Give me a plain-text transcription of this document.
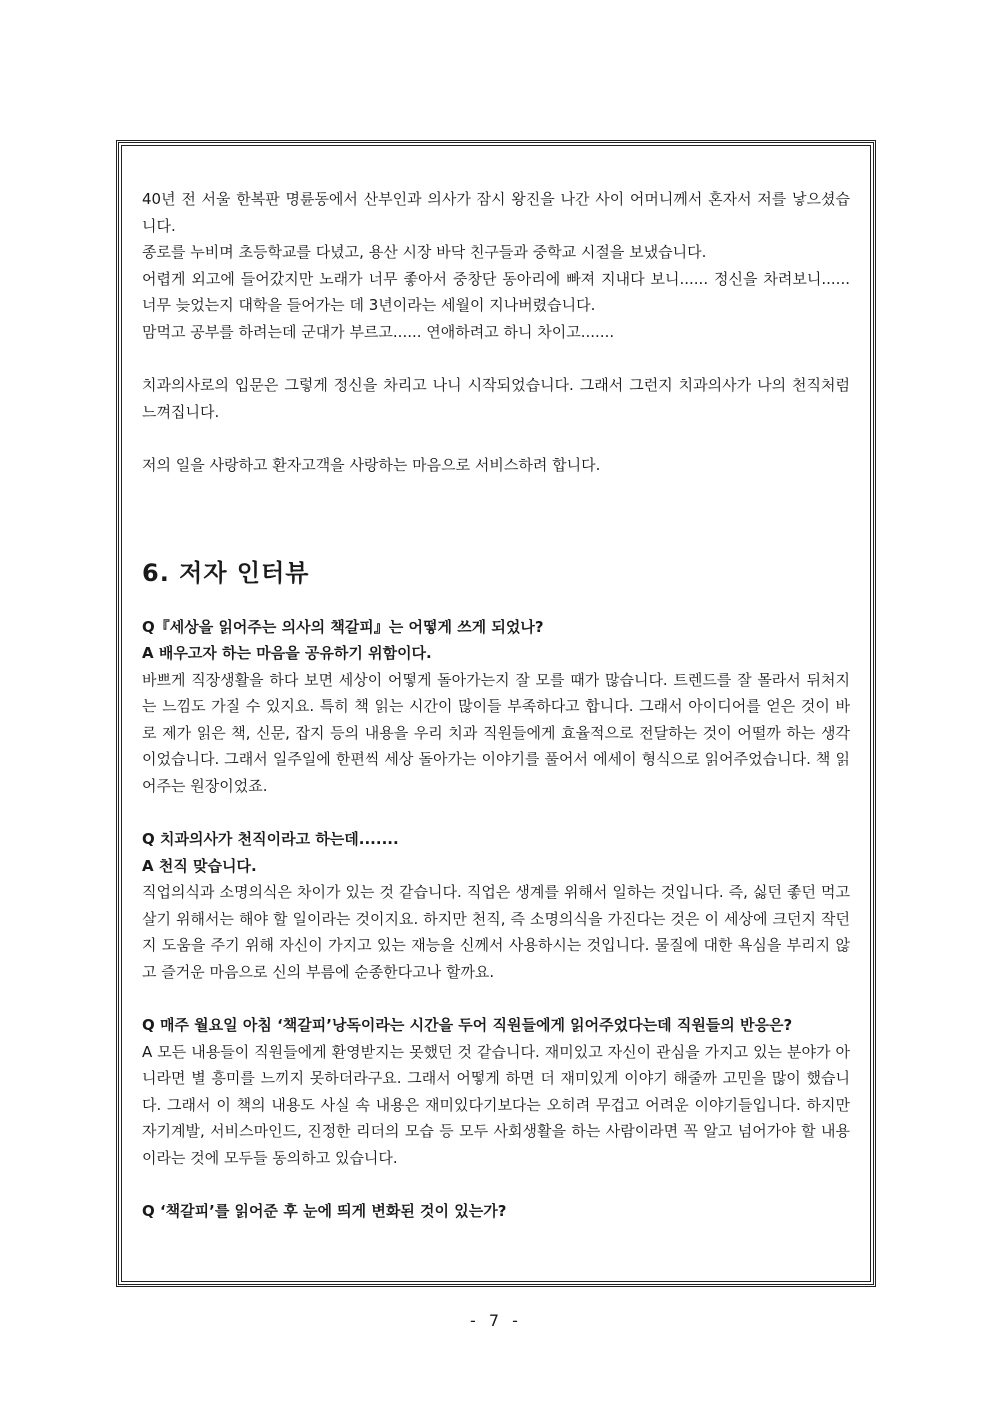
40년 전 서울 한복판 명륜동에서 산부인과 의사가 잠시 왕진을 나간 사이 어머니께서 혼자서 저를 낳으셨습니다.

종로를 누비며 초등학교를 다녔고, 용산 시장 바닥 친구들과 중학교 시절을 보냈습니다.

어렵게 외고에 들어갔지만 노래가 너무 좋아서 중창단 동아리에 빠져 지내다 보니...... 정신을 차려보니...... 너무 늦었는지 대학을 들어가는 데 3년이라는 세월이 지나버렸습니다.

맘먹고 공부를 하려는데 군대가 부르고...... 연애하려고 하니 차이고.......

치과의사로의 입문은 그렇게 정신을 차리고 나니 시작되었습니다. 그래서 그런지 치과의사가 나의 천직처럼 느껴집니다.

저의 일을 사랑하고 환자고객을 사랑하는 마음으로 서비스하려 합니다.

6. 저자 인터뷰

Q『세상을 읽어주는 의사의 책갈피』는 어떻게 쓰게 되었나?

A 배우고자 하는 마음을 공유하기 위함이다.

바쁘게 직장생활을 하다 보면 세상이 어떻게 돌아가는지 잘 모를 때가 많습니다. 트렌드를 잘 몰라서 뒤처지는 느낌도 가질 수 있지요. 특히 책 읽는 시간이 많이들 부족하다고 합니다. 그래서 아이디어를 얻은 것이 바로 제가 읽은 책, 신문, 잡지 등의 내용을 우리 치과 직원들에게 효율적으로 전달하는 것이 어떨까 하는 생각이었습니다. 그래서 일주일에 한편씩 세상 돌아가는 이야기를 풀어서 에세이 형식으로 읽어주었습니다. 책 읽어주는 원장이었죠.

Q 치과의사가 천직이라고 하는데.......

A 천직 맞습니다.

직업의식과 소명의식은 차이가 있는 것 같습니다. 직업은 생계를 위해서 일하는 것입니다. 즉, 싫던 좋던 먹고 살기 위해서는 해야 할 일이라는 것이지요. 하지만 천직, 즉 소명의식을 가진다는 것은 이 세상에 크던지 작던지 도움을 주기 위해 자신이 가지고 있는 재능을 신께서 사용하시는 것입니다. 물질에 대한 욕심을 부리지 않고 즐거운 마음으로 신의 부름에 순종한다고나 할까요.

Q 매주 월요일 아침 ‘책갈피’낭독이라는 시간을 두어 직원들에게 읽어주었다는데 직원들의 반응은?

A 모든 내용들이 직원들에게 환영받지는 못했던 것 같습니다. 재미있고 자신이 관심을 가지고 있는 분야가 아니라면 별 흥미를 느끼지 못하더라구요. 그래서 어떻게 하면 더 재미있게 이야기 해줄까 고민을 많이 했습니다. 그래서 이 책의 내용도 사실 속 내용은 재미있다기보다는 오히려 무겁고 어려운 이야기들입니다. 하지만 자기계발, 서비스마인드, 진정한 리더의 모습 등 모두 사회생활을 하는 사람이라면 꼭 알고 넘어가야 할 내용이라는 것에 모두들 동의하고 있습니다.

Q ‘책갈피’를 읽어준 후 눈에 띄게 변화된 것이 있는가?

- 7 -
